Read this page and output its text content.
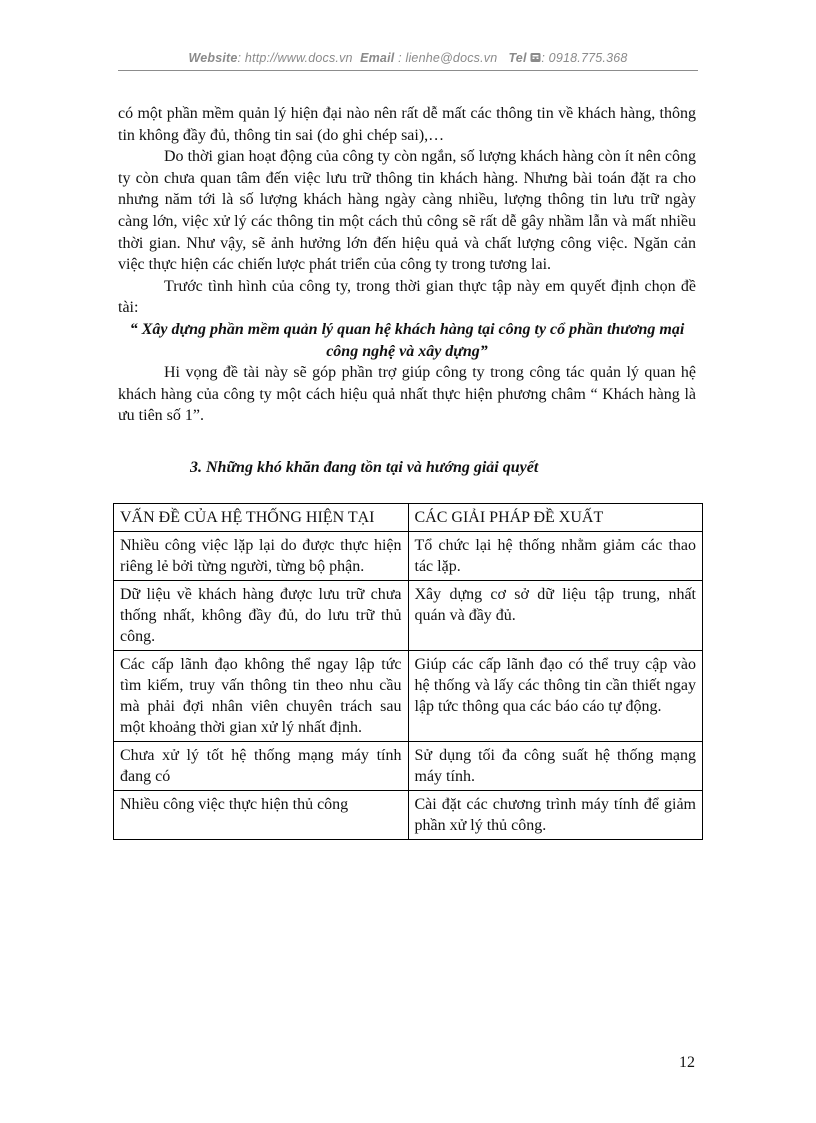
Website: http://www.docs.vn Email : lienhe@docs.vn Tel : 0918.775.368

có một phần mềm quản lý hiện đại nào nên rất dễ mất các thông tin về khách hàng, thông tin không đầy đủ, thông tin sai (do ghi chép sai),…

Do thời gian hoạt động của công ty còn ngắn, số lượng khách hàng còn ít nên công ty còn chưa quan tâm đến việc lưu trữ thông tin khách hàng. Nhưng bài toán đặt ra cho nhưng năm tới là số lượng khách hàng ngày càng nhiều, lượng thông tin lưu trữ ngày càng lớn, việc xử lý các thông tin một cách thủ công sẽ rất dễ gây nhầm lẫn và mất nhiều thời gian. Như vậy, sẽ ảnh hưởng lớn đến hiệu quả và chất lượng công việc. Ngăn cản việc thực hiện các chiến lược phát triển của công ty trong tương lai.

Trước tình hình của công ty, trong thời gian thực tập này em quyết định chọn đề tài:

“ Xây dựng phần mềm quản lý quan hệ khách hàng tại công ty cổ phần thương mại công nghệ và xây dựng”

Hi vọng đề tài này sẽ góp phần trợ giúp công ty trong công tác quản lý quan hệ khách hàng của công ty một cách hiệu quả nhất thực hiện phương châm “ Khách hàng là ưu tiên số 1”.

3. Những khó khăn đang tồn tại và hướng giải quyết
VẤN ĐỀ CỦA HỆ THỐNG HIỆN TẠI	CÁC GIẢI PHÁP ĐỀ XUẤT
Nhiều công việc lặp lại do được thực hiện riêng lẻ bởi từng người, từng bộ phận.	Tổ chức lại hệ thống nhằm giảm các thao tác lặp.
Dữ liệu về khách hàng được lưu trữ chưa thống nhất, không đầy đủ, do lưu trữ thủ công.	Xây dựng cơ sở dữ liệu tập trung, nhất quán và đầy đủ.
Các cấp lãnh đạo không thể ngay lập tức tìm kiếm, truy vấn thông tin theo nhu cầu mà phải đợi nhân viên chuyên trách sau một khoảng thời gian xử lý nhất định.	Giúp các cấp lãnh đạo có thể truy cập vào hệ thống và lấy các thông tin cần thiết ngay lập tức thông qua các báo cáo tự động.
Chưa xử lý tốt hệ thống mạng máy tính đang có	Sử dụng tối đa công suất hệ thống mạng máy tính.
Nhiều công việc thực hiện thủ công	Cài đặt các chương trình máy tính để giảm phần xử lý thủ công.
12
